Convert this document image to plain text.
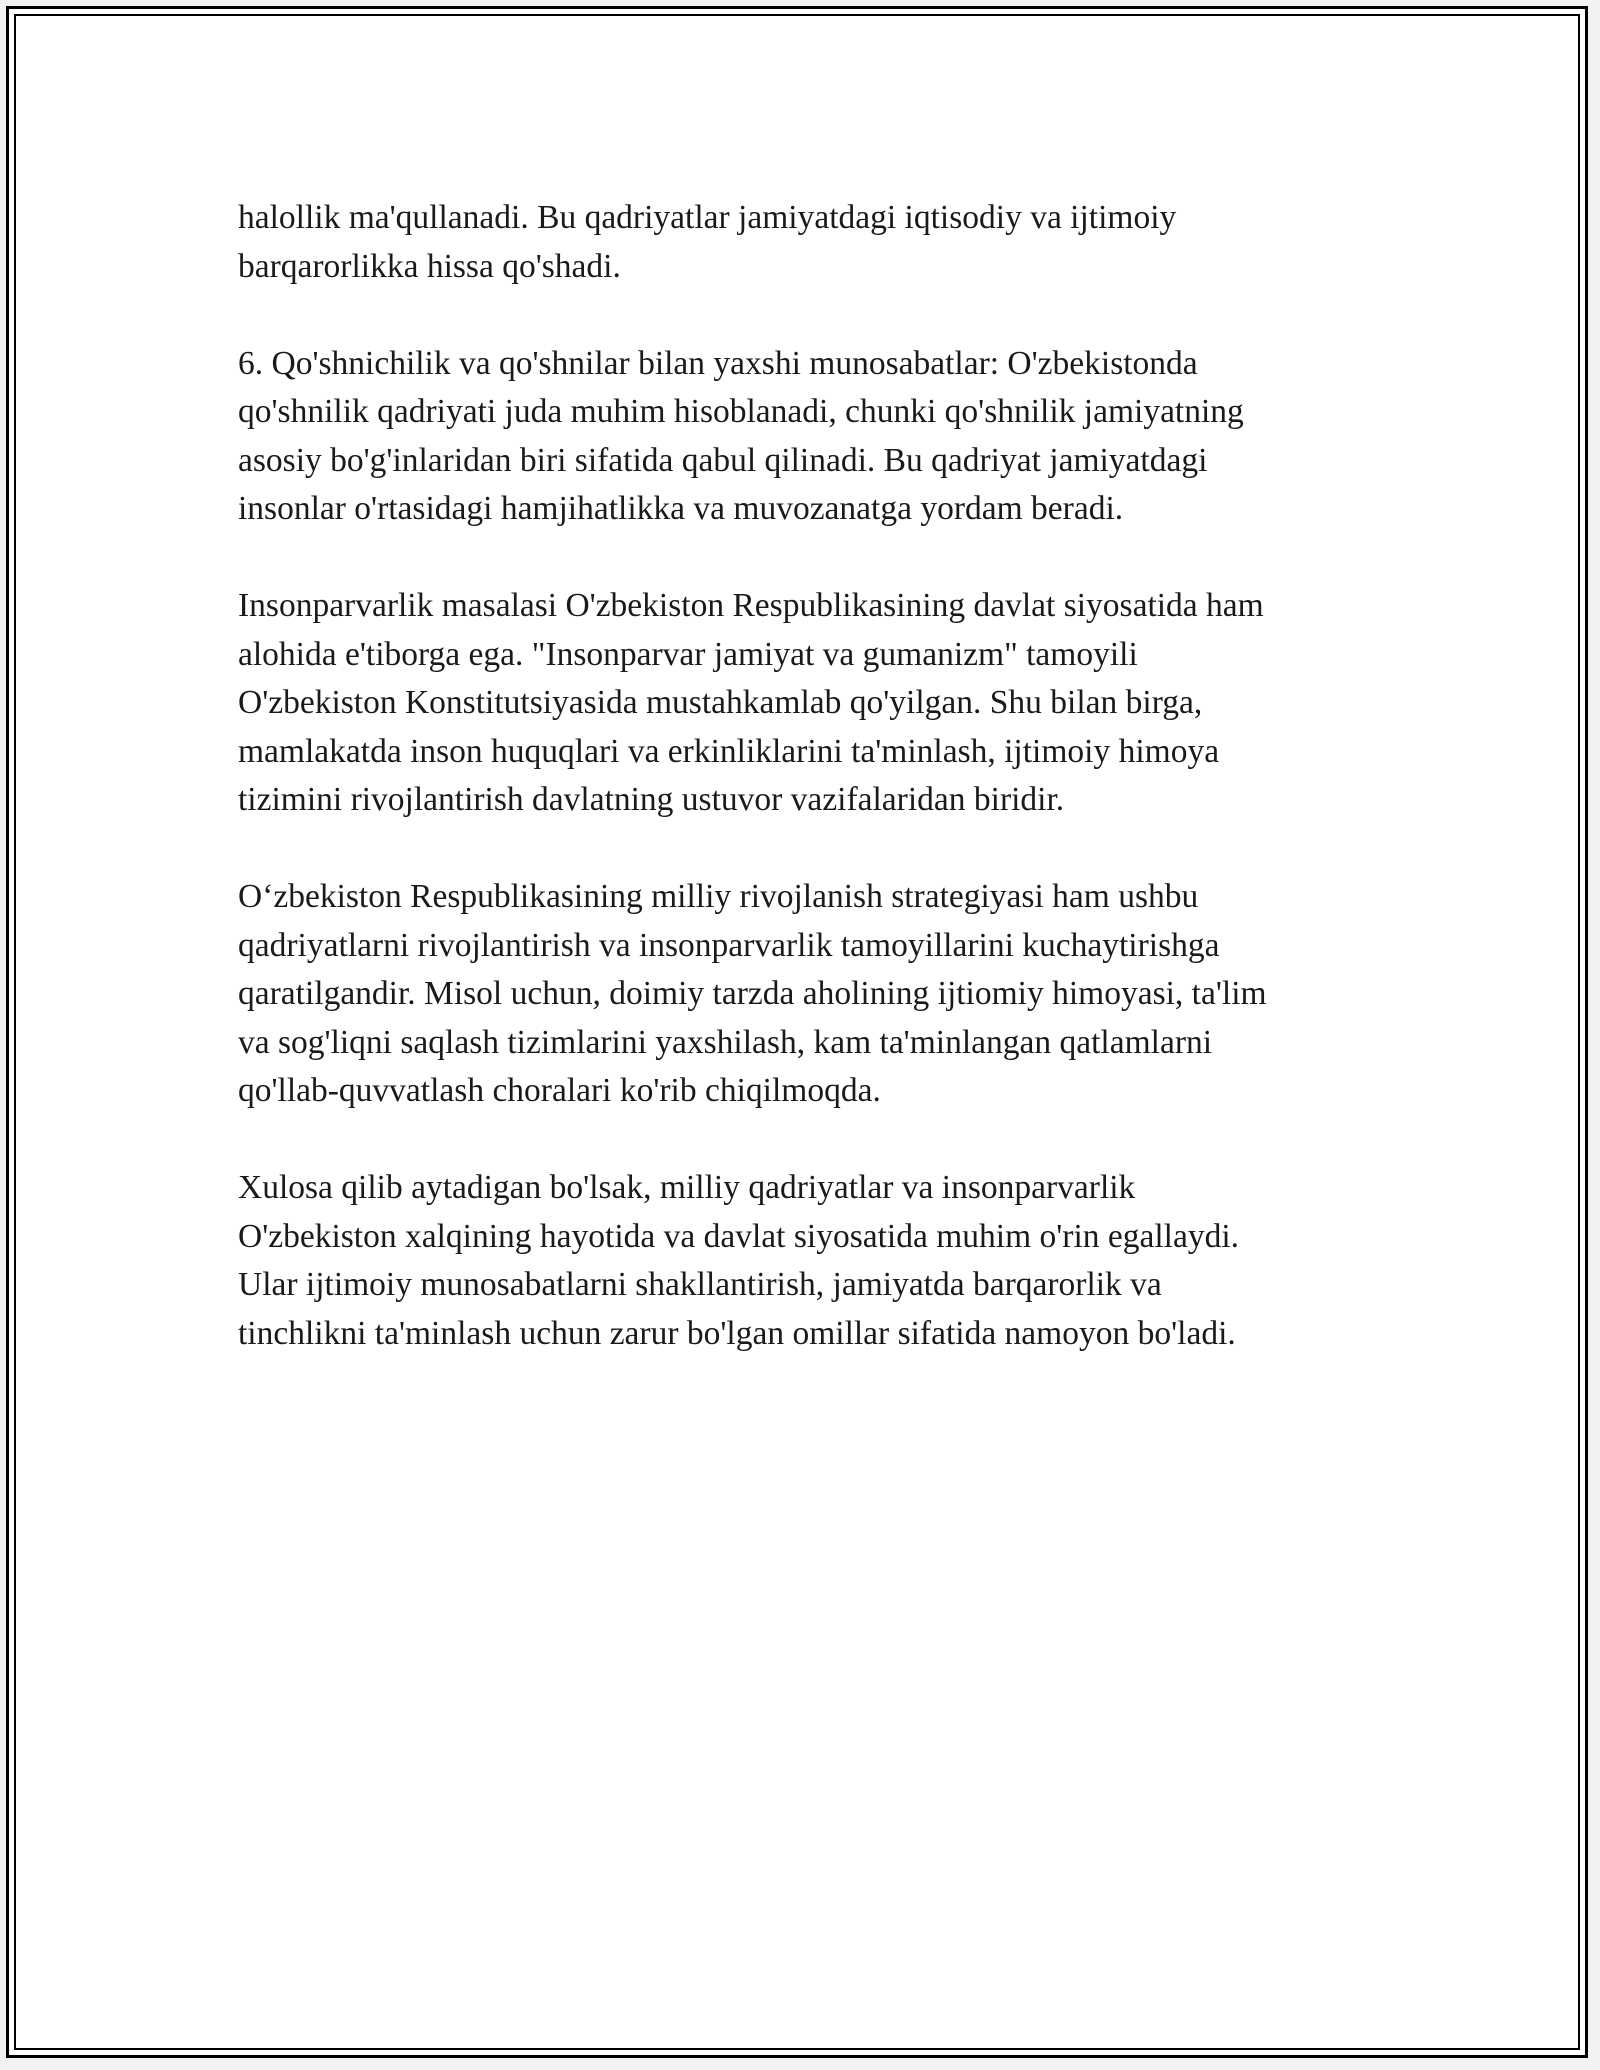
halollik ma'qullanadi. Bu qadriyatlar jamiyatdagi iqtisodiy va ijtimoiy
barqarorlikka hissa qo'shadi.

6. Qo'shnichilik va qo'shnilar bilan yaxshi munosabatlar: O'zbekistonda
qo'shnilik qadriyati juda muhim hisoblanadi, chunki qo'shnilik jamiyatning
asosiy bo'g'inlaridan biri sifatida qabul qilinadi. Bu qadriyat jamiyatdagi
insonlar o'rtasidagi hamjihatlikka va muvozanatga yordam beradi.

Insonparvarlik masalasi O'zbekiston Respublikasining davlat siyosatida ham
alohida e'tiborga ega. "Insonparvar jamiyat va gumanizm" tamoyili
O'zbekiston Konstitutsiyasida mustahkamlab qo'yilgan. Shu bilan birga,
mamlakatda inson huquqlari va erkinliklarini ta'minlash, ijtimoiy himoya
tizimini rivojlantirish davlatning ustuvor vazifalaridan biridir.

O‘zbekiston Respublikasining milliy rivojlanish strategiyasi ham ushbu
qadriyatlarni rivojlantirish va insonparvarlik tamoyillarini kuchaytirishga
qaratilgandir. Misol uchun, doimiy tarzda aholining ijtiomiy himoyasi, ta'lim
va sog'liqni saqlash tizimlarini yaxshilash, kam ta'minlangan qatlamlarni
qo'llab-quvvatlash choralari ko'rib chiqilmoqda.

Xulosa qilib aytadigan bo'lsak, milliy qadriyatlar va insonparvarlik
O'zbekiston xalqining hayotida va davlat siyosatida muhim o'rin egallaydi.
Ular ijtimoiy munosabatlarni shakllantirish, jamiyatda barqarorlik va
tinchlikni ta'minlash uchun zarur bo'lgan omillar sifatida namoyon bo'ladi.
